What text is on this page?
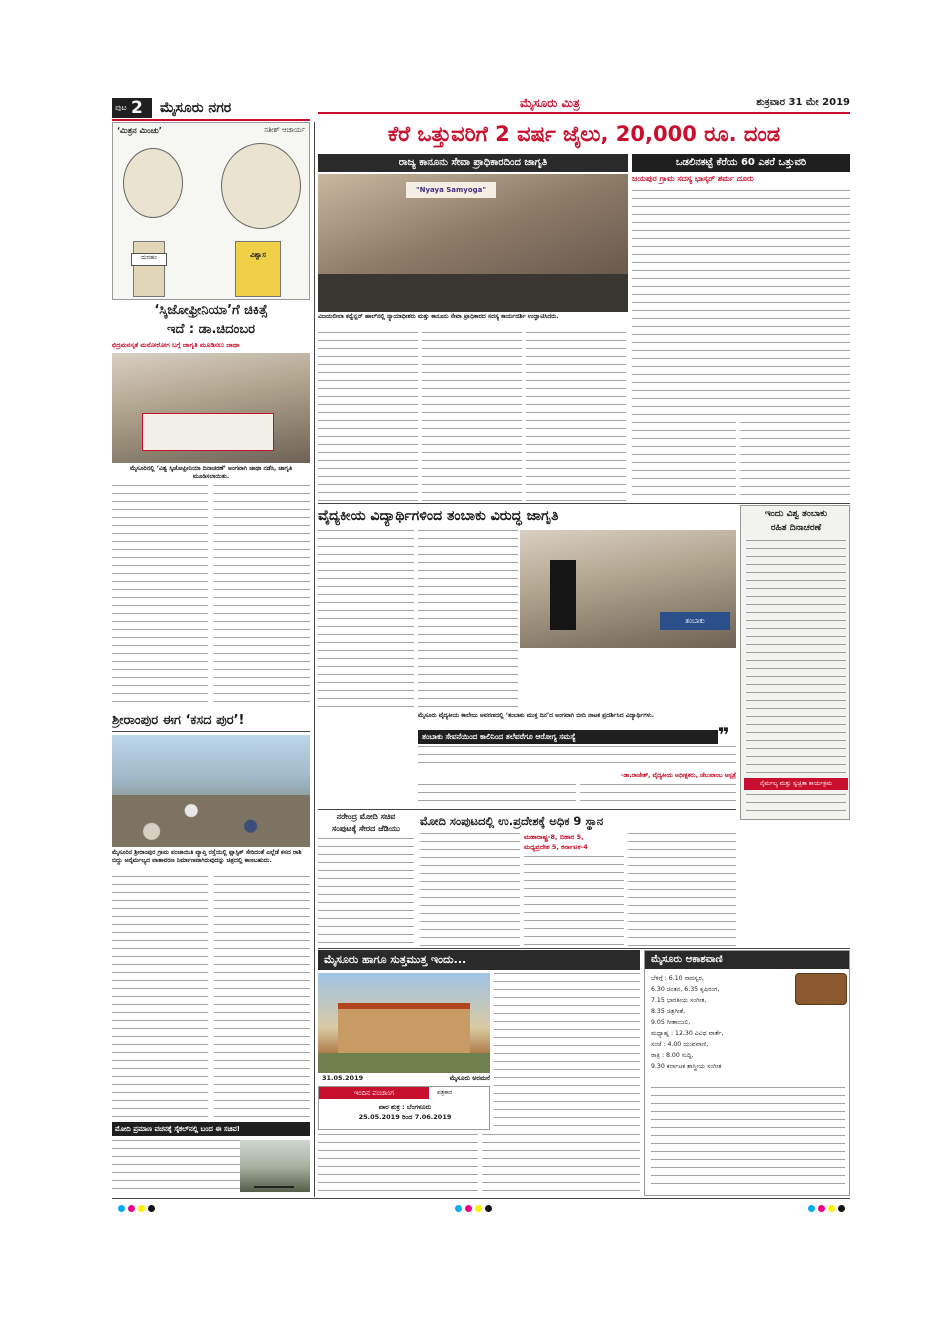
ಪುಟ 2 ಮೈಸೂರು ನಗರ	ಮೈಸೂರು ಮಿತ್ರ	ಶುಕ್ರವಾರ 31 ಮೇ 2019
‘ಮಿತ್ರನ ಮಿಂಚು’	ಸತೀಶ್ ಆಚಾರ್ಯ
ದುರಹಂ	ವಿಶ್ವಾಸ
ಕೆರೆ ಒತ್ತುವರಿಗೆ 2 ವರ್ಷ ಜೈಲು, 20,000 ರೂ. ದಂಡ
ರಾಜ್ಯ ಕಾನೂನು ಸೇವಾ ಪ್ರಾಧಿಕಾರದಿಂದ ಜಾಗೃತಿ	ಒಡಲಿನಕಟ್ಟೆ ಕೆರೆಯ 60 ಎಕರೆ ಒತ್ತುವರಿ
ಜಯಪುರ ಗ್ರಾಮ ಸದಸ್ಯ ಭಾಸ್ಕರ್ ಶರ್ಮ ದೂರು
"Nyaya Samyoga"
ವಿಜಯಲೀಲಾ ಕನ್ವೆನ್ಷನ್ ಹಾಲ್‌ನಲ್ಲಿ ನ್ಯಾಯಾಧೀಶರು ಮತ್ತು ಕಾನೂನು ಸೇವಾ ಪ್ರಾಧಿಕಾರದ ಸದಸ್ಯ ಕಾರ್ಯದರ್ಶಿ ಉದ್ಘಾಟಿಸಿದರು.
‘ಸ್ಕಿಜೋಫ್ರೀನಿಯಾ’ಗೆ ಚಿಕಿತ್ಸೆ
ಇದೆ : ಡಾ.ಚಿದಂಬರ
ಛಿದ್ರಮನಸ್ಕತೆ ಮನೋರೋಗ ಬಗ್ಗೆ ಜಾಗೃತಿ ಮೂಡಿಸಲು ಜಾಥಾ
ಮೈಸೂರಿನಲ್ಲಿ ‘ವಿಶ್ವ ಸ್ಕಿಜೋಫ್ರೀನಿಯಾ ದಿನಾಚರಣೆ’ ಅಂಗವಾಗಿ ಜಾಥಾ ನಡೆಸಿ, ಜಾಗೃತಿ ಮೂಡಿಸಲಾಯಿತು.
ವೈದ್ಯಕೀಯ ವಿದ್ಯಾರ್ಥಿಗಳಿಂದ ತಂಬಾಕು ವಿರುದ್ಧ ಜಾಗೃತಿ
ತಂಬಾಕು
ಮೈಸೂರು ವೈದ್ಯಕೀಯ ಕಾಲೇಜು ಆವರಣದಲ್ಲಿ ‘ತಂಬಾಕು ಮುಕ್ತ ದಿನ’ದ ಅಂಗವಾಗಿ ಬೀದಿ ನಾಟಕ ಪ್ರದರ್ಶಿಸಿದ ವಿದ್ಯಾರ್ಥಿಗಳು.
ತಂಬಾಕು ಸೇವನೆಯಿಂದ ಕಾಲಿನಿಂದ ತಲೆವರೆಗೂ ಆರೋಗ್ಯ ಸಮಸ್ಯೆ	❞
-ಡಾ.ರಾಜೇಶ್, ವೈದ್ಯಕೀಯ ಅಧೀಕ್ಷಕರು, ಚೆಲುವಾಂಬ ಆಸ್ಪತ್ರೆ
ಇಂದು ವಿಶ್ವ ತಂಬಾಕು
ರಹಿತ ದಿನಾಚರಣೆ
ನೈರ್ಮಲ್ಯ ಮತ್ತು ಸ್ವಚ್ಛತಾ ಕಾರ್ಯಕ್ರಮ
ಶ್ರೀರಾಂಪುರ ಈಗ ‘ಕಸದ ಪುರ’!
ಮೈಸೂರಿನ ಶ್ರೀರಾಂಪುರ ಗ್ರಾಮ ಪಂಚಾಯಿತಿ ವ್ಯಾಪ್ತಿ ರಸ್ತೆಯಲ್ಲಿ ಪ್ಲಾಸ್ಟಿಕ್ ಸೇರಿದಂತೆ ಎಲ್ಲೆಡೆ ಕಸದ ರಾಶಿ ಬಿದ್ದು ಅನೈರ್ಮಲ್ಯದ ವಾತಾವರಣ ನಿರ್ಮಾಣವಾಗಿರುವುದನ್ನು ಚಿತ್ರದಲ್ಲಿ ಕಾಣಬಹುದು.
ನರೇಂದ್ರ ಮೋದಿ ಸಚಿವ
ಸಂಪುಟಕ್ಕೆ ಸೇರದ ಜೆಡಿಯು
ಮೋದಿ ಸಂಪುಟದಲ್ಲಿ ಉ.ಪ್ರದೇಶಕ್ಕೆ ಅಧಿಕ 9 ಸ್ಥಾನ
ಮಹಾರಾಷ್ಟ್ರ-8, ಬಿಹಾರ 5,
ಮಧ್ಯಪ್ರದೇಶ 5, ಕರ್ನಾಟಕ-4
ಮೋದಿ ಪ್ರಮಾಣ ವಚನಕ್ಕೆ ಸೈಕಲ್‌ನಲ್ಲಿ ಬಂದ ಈ ಸಚಿವ!
ಮೈಸೂರು ಹಾಗೂ ಸುತ್ತಮುತ್ತ ಇಂದು...
31.05.2019	ಮೈಸೂರು ಅರಮನೆ
ಇಂದಿನ ಪಂಚಾಂಗ	ಪತ್ರಕಾರ
ವಾರ ಶುಕ್ರ : ಬೆಂಗಳೂರು
25.05.2019 ರಿಂದ 7.06.2019
ಮೈಸೂರು ಆಕಾಶವಾಣಿ
ಬೆಳಿಗ್ಗೆ : 6.10 ನಾದಸ್ವರ,
6.30 ಚಿಂತನ, 6.35 ಕೃಷಿರಂಗ,
7.15 ಭಾರತೀಯ ಸಂಗೀತ,
8.35 ಚಿತ್ರಗೀತೆ,
9.05 ಗೀತಾಂಜಲಿ,
ಮಧ್ಯಾಹ್ನ : 12.30 ವಿವಿಧ ವಾರ್ತೆ,
ಸಂಜೆ : 4.00 ಯುವವಾಣಿ,
ರಾತ್ರಿ : 8.00 ಸುದ್ದಿ,
9.30 ಕರ್ನಾಟಕ ಶಾಸ್ತ್ರೀಯ ಸಂಗೀತ
